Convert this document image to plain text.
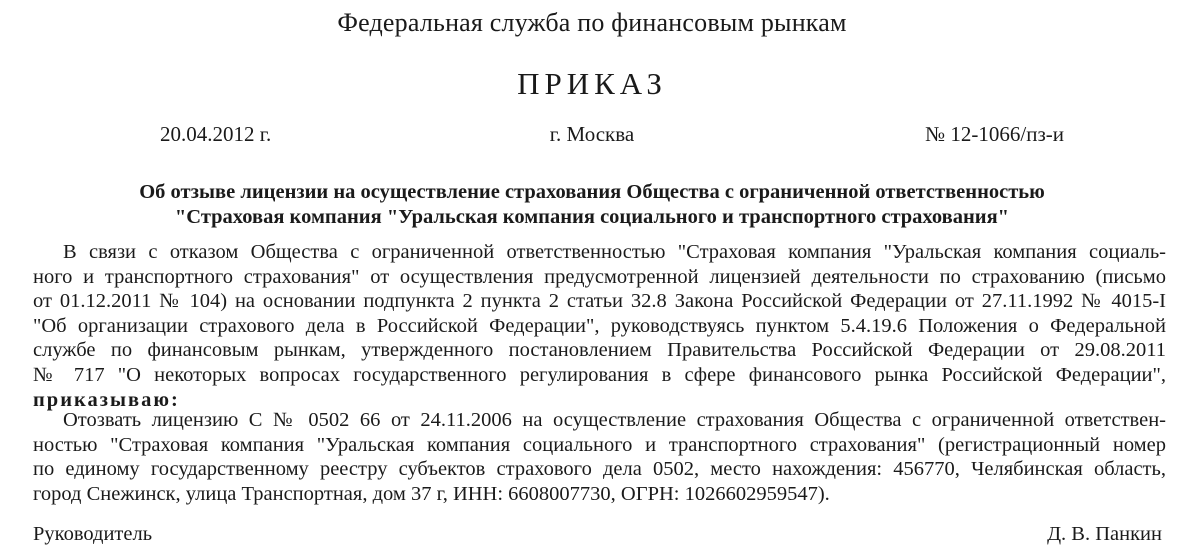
Федеральная служба по финансовым рынкам
ПРИКАЗ
20.04.2012 г.	г. Москва	№ 12-1066/пз-и
Об отзыве лицензии на осуществление страхования Общества с ограниченной ответственностью
"Страховая компания "Уральская компания социального и транспортного страхования"
В связи с отказом Общества с ограниченной ответственностью "Страховая компания "Уральская компания социаль-
ного и транспортного страхования" от осуществления предусмотренной лицензией деятельности по страхованию (письмо
от 01.12.2011 № 104) на основании подпункта 2 пункта 2 статьи 32.8 Закона Российской Федерации от 27.11.1992 № 4015-I
"Об организации страхового дела в Российской Федерации", руководствуясь пунктом 5.4.19.6 Положения о Федеральной
службе по финансовым рынкам, утвержденного постановлением Правительства Российской Федерации от 29.08.2011
№ 717 "О некоторых вопросах государственного регулирования в сфере финансового рынка Российской Федерации",
приказываю:
Отозвать лицензию С № 0502 66 от 24.11.2006 на осуществление страхования Общества с ограниченной ответствен-
ностью "Страховая компания "Уральская компания социального и транспортного страхования" (регистрационный номер
по единому государственному реестру субъектов страхового дела 0502, место нахождения: 456770, Челябинская область,
город Снежинск, улица Транспортная, дом 37 г, ИНН: 6608007730, ОГРН: 1026602959547).
Руководитель	Д. В. Панкин
